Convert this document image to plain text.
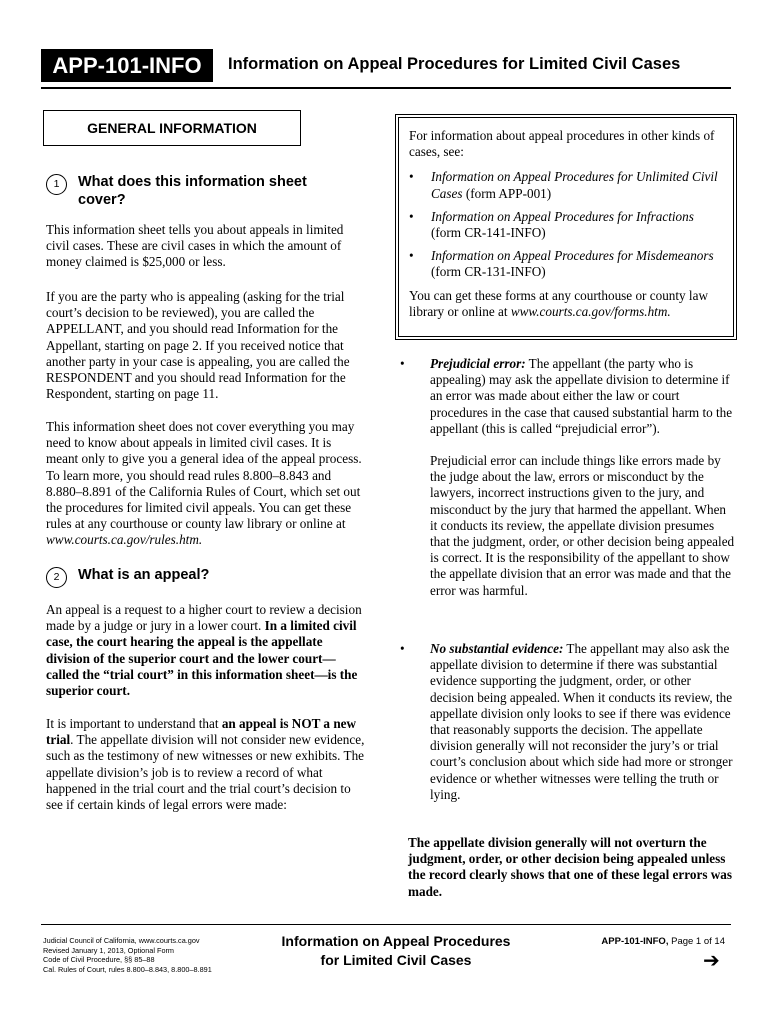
APP-101-INFO	Information on Appeal Procedures for Limited Civil Cases
GENERAL INFORMATION
1	What does this information sheet cover?

This information sheet tells you about appeals in limited civil cases. These are civil cases in which the amount of money claimed is $25,000 or less.

If you are the party who is appealing (asking for the trial court’s decision to be reviewed), you are called the APPELLANT, and you should read Information for the Appellant, starting on page 2. If you received notice that another party in your case is appealing, you are called the RESPONDENT and you should read Information for the Respondent, starting on page 11.

This information sheet does not cover everything you may need to know about appeals in limited civil cases. It is meant only to give you a general idea of the appeal process. To learn more, you should read rules 8.800–8.843 and 8.880–8.891 of the California Rules of Court, which set out the procedures for limited civil appeals. You can get these rules at any courthouse or county law library or online at www.courts.ca.gov/rules.htm.

2	What is an appeal?

An appeal is a request to a higher court to review a decision made by a judge or jury in a lower court. In a limited civil case, the court hearing the appeal is the appellate division of the superior court and the lower court—called the “trial court” in this information sheet—is the superior court.

It is important to understand that an appeal is NOT a new trial. The appellate division will not consider new evidence, such as the testimony of new witnesses or new exhibits. The appellate division’s job is to review a record of what happened in the trial court and the trial court’s decision to see if certain kinds of legal errors were made:

For information about appeal procedures in other kinds of cases, see:

• Information on Appeal Procedures for Unlimited Civil Cases (form APP-001)
• Information on Appeal Procedures for Infractions (form CR-141-INFO)
• Information on Appeal Procedures for Misdemeanors (form CR-131-INFO)

You can get these forms at any courthouse or county law library or online at www.courts.ca.gov/forms.htm.

• Prejudicial error: The appellant (the party who is appealing) may ask the appellate division to determine if an error was made about either the law or court procedures in the case that caused substantial harm to the appellant (this is called “prejudicial error”).

Prejudicial error can include things like errors made by the judge about the law, errors or misconduct by the lawyers, incorrect instructions given to the jury, and misconduct by the jury that harmed the appellant. When it conducts its review, the appellate division presumes that the judgment, order, or other decision being appealed is correct. It is the responsibility of the appellant to show the appellate division that an error was made and that the error was harmful.

• No substantial evidence: The appellant may also ask the appellate division to determine if there was substantial evidence supporting the judgment, order, or other decision being appealed. When it conducts its review, the appellate division only looks to see if there was evidence that reasonably supports the decision. The appellate division generally will not reconsider the jury’s or trial court’s conclusion about which side had more or stronger evidence or whether witnesses were telling the truth or lying.

The appellate division generally will not overturn the judgment, order, or other decision being appealed unless the record clearly shows that one of these legal errors was made.

Judicial Council of California, www.courts.ca.gov
Revised January 1, 2013, Optional Form
Code of Civil Procedure, §§ 85–88
Cal. Rules of Court, rules 8.800–8.843, 8.800–8.891
Information on Appeal Procedures
for Limited Civil Cases
APP-101-INFO, Page 1 of 14
➔
